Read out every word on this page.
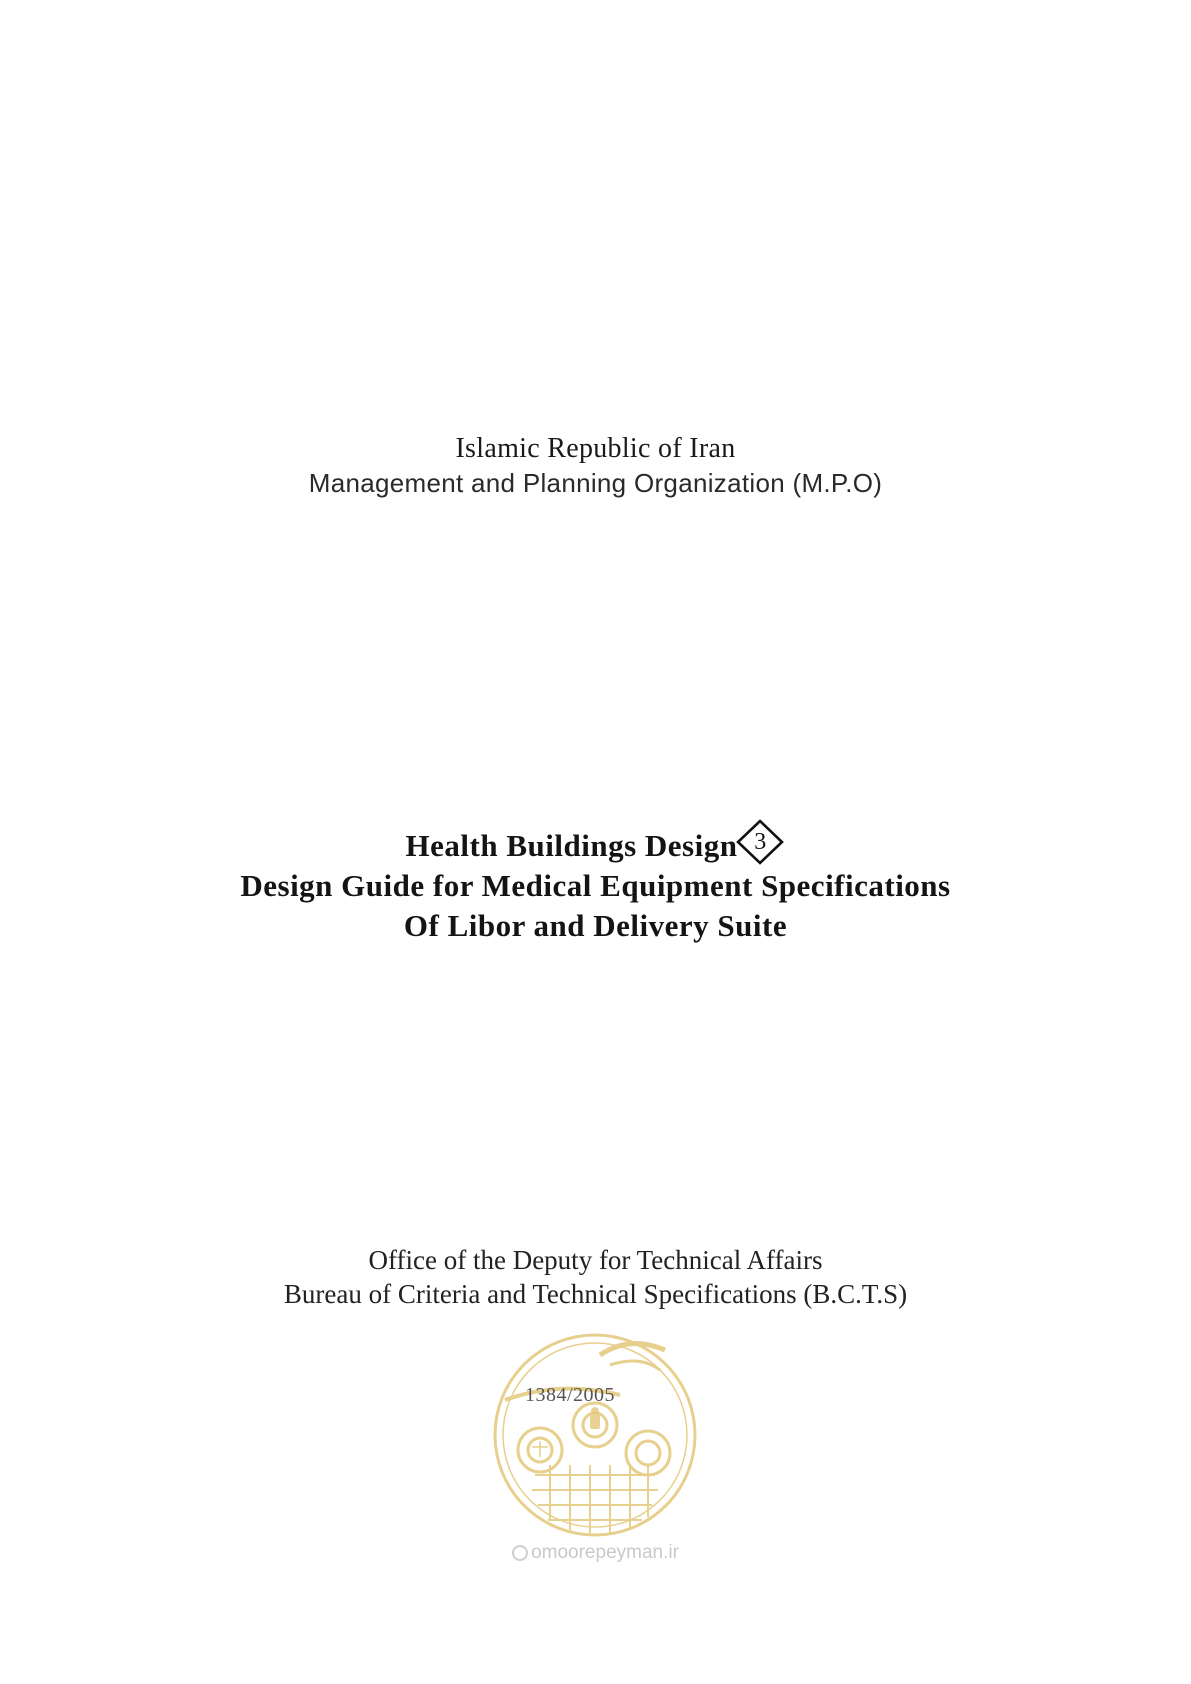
Islamic Republic of Iran
Management and Planning Organization (M.P.O)
Health Buildings Design 3
Design Guide for Medical Equipment Specifications
Of Libor and Delivery Suite
Office of the Deputy for Technical Affairs
Bureau of Criteria and Technical Specifications (B.C.T.S)
1384/2005
omoorepeyman.ir
